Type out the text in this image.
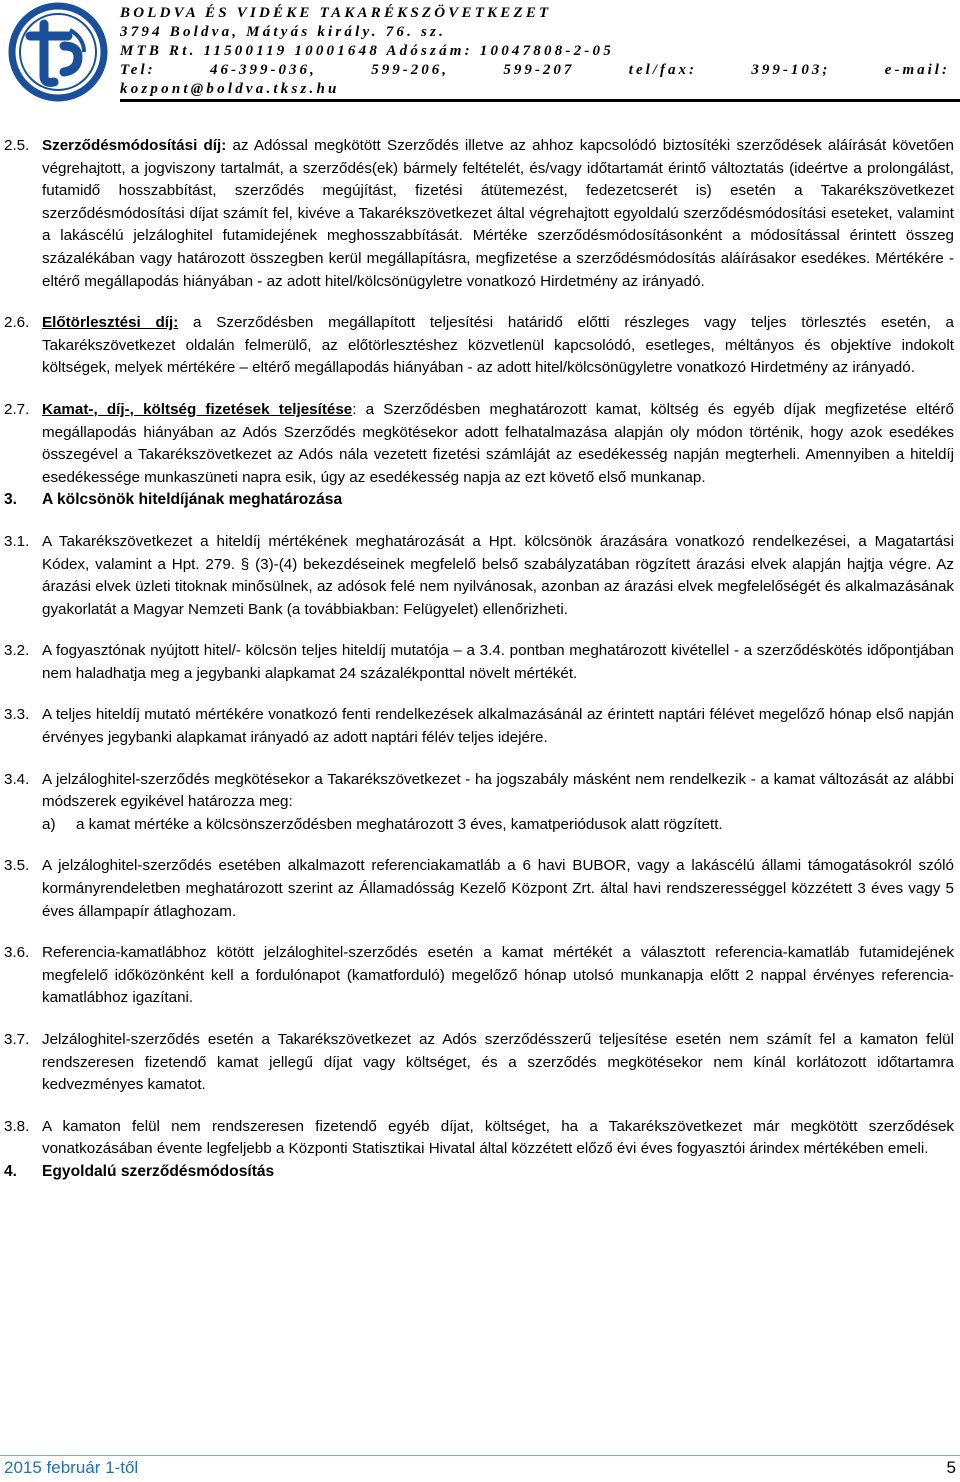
BOLDVA ÉS VIDÉKE TAKARÉKSZÖVETKEZET
3794 Boldva, Mátyás király. 76. sz.
MTB Rt. 11500119 10001648 Adószám: 10047808-2-05
Tel:	46-399-036,	599-206,	599-207	tel/fax:	399-103;	e-mail:
kozpont@boldva.tksz.hu
2.5. Szerződésmódosítási díj: az Adóssal megkötött Szerződés illetve az ahhoz kapcsolódó biztosítéki szerződések aláírását követően végrehajtott, a jogviszony tartalmát, a szerződés(ek) bármely feltételét, és/vagy időtartamát érintő változtatás (ideértve a prolongálást, futamidő hosszabbítást, szerződés megújítást, fizetési átütemezést, fedezetcserét is) esetén a Takarékszövetkezet szerződésmódosítási díjat számít fel, kivéve a Takarékszövetkezet által végrehajtott egyoldalú szerződésmódosítási eseteket, valamint a lakáscélú jelzáloghitel futamidejének meghosszabbítását. Mértéke szerződésmódosításonként a módosítással érintett összeg százalékában vagy határozott összegben kerül megállapításra, megfizetése a szerződésmódosítás aláírásakor esedékes. Mértékére - eltérő megállapodás hiányában - az adott hitel/kölcsönügyletre vonatkozó Hirdetmény az irányadó.
2.6. Előtörlesztési díj: a Szerződésben megállapított teljesítési határidő előtti részleges vagy teljes törlesztés esetén, a Takarékszövetkezet oldalán felmerülő, az előtörlesztéshez közvetlenül kapcsolódó, esetleges, méltányos és objektíve indokolt költségek, melyek mértékére – eltérő megállapodás hiányában - az adott hitel/kölcsönügyletre vonatkozó Hirdetmény az irányadó.
2.7. Kamat-, díj-, költség fizetések teljesítése: a Szerződésben meghatározott kamat, költség és egyéb díjak megfizetése eltérő megállapodás hiányában az Adós Szerződés megkötésekor adott felhatalmazása alapján oly módon történik, hogy azok esedékes összegével a Takarékszövetkezet az Adós nála vezetett fizetési számláját az esedékesség napján megterheli. Amennyiben a hiteldíj esedékessége munkaszüneti napra esik, úgy az esedékesség napja az ezt követő első munkanap.
3.	A kölcsönök hiteldíjának meghatározása
3.1. A Takarékszövetkezet a hiteldíj mértékének meghatározását a Hpt. kölcsönök árazására vonatkozó rendelkezései, a Magatartási Kódex, valamint a Hpt. 279. § (3)-(4) bekezdéseinek megfelelő belső szabályzatában rögzített árazási elvek alapján hajtja végre. Az árazási elvek üzleti titoknak minősülnek, az adósok felé nem nyilvánosak, azonban az árazási elvek megfelelőségét és alkalmazásának gyakorlatát a Magyar Nemzeti Bank (a továbbiakban: Felügyelet) ellenőrizheti.
3.2. A fogyasztónak nyújtott hitel/- kölcsön teljes hiteldíj mutatója – a 3.4. pontban meghatározott kivétellel - a szerződéskötés időpontjában nem haladhatja meg a jegybanki alapkamat 24 százalékponttal növelt mértékét.
3.3. A teljes hiteldíj mutató mértékére vonatkozó fenti rendelkezések alkalmazásánál az érintett naptári félévet megelőző hónap első napján érvényes jegybanki alapkamat irányadó az adott naptári félév teljes idejére.
3.4. A jelzáloghitel-szerződés megkötésekor a Takarékszövetkezet - ha jogszabály másként nem rendelkezik - a kamat változását az alábbi módszerek egyikével határozza meg:
a)	a kamat mértéke a kölcsönszerződésben meghatározott 3 éves, kamatperiódusok alatt rögzített.
3.5. A jelzáloghitel-szerződés esetében alkalmazott referenciakamatláb a 6 havi BUBOR, vagy a lakáscélú állami támogatásokról szóló kormányrendeletben meghatározott szerint az Államadósság Kezelő Központ Zrt. által havi rendszerességgel közzétett 3 éves vagy 5 éves állampapír átlaghozam.
3.6. Referencia-kamatlábhoz kötött jelzáloghitel-szerződés esetén a kamat mértékét a választott referencia-kamatláb futamidejének megfelelő időközönként kell a fordulónapot (kamatforduló) megelőző hónap utolsó munkanapja előtt 2 nappal érvényes referencia-kamatlábhoz igazítani.
3.7. Jelzáloghitel-szerződés esetén a Takarékszövetkezet az Adós szerződésszerű teljesítése esetén nem számít fel a kamaton felül rendszeresen fizetendő kamat jellegű díjat vagy költséget, és a szerződés megkötésekor nem kínál korlátozott időtartamra kedvezményes kamatot.
3.8. A kamaton felül nem rendszeresen fizetendő egyéb díjat, költséget, ha a Takarékszövetkezet már megkötött szerződések vonatkozásában évente legfeljebb a Központi Statisztikai Hivatal által közzétett előző évi éves fogyasztói árindex mértékében emeli.
4.	Egyoldalú szerződésmódosítás
2015 február 1-től	5
